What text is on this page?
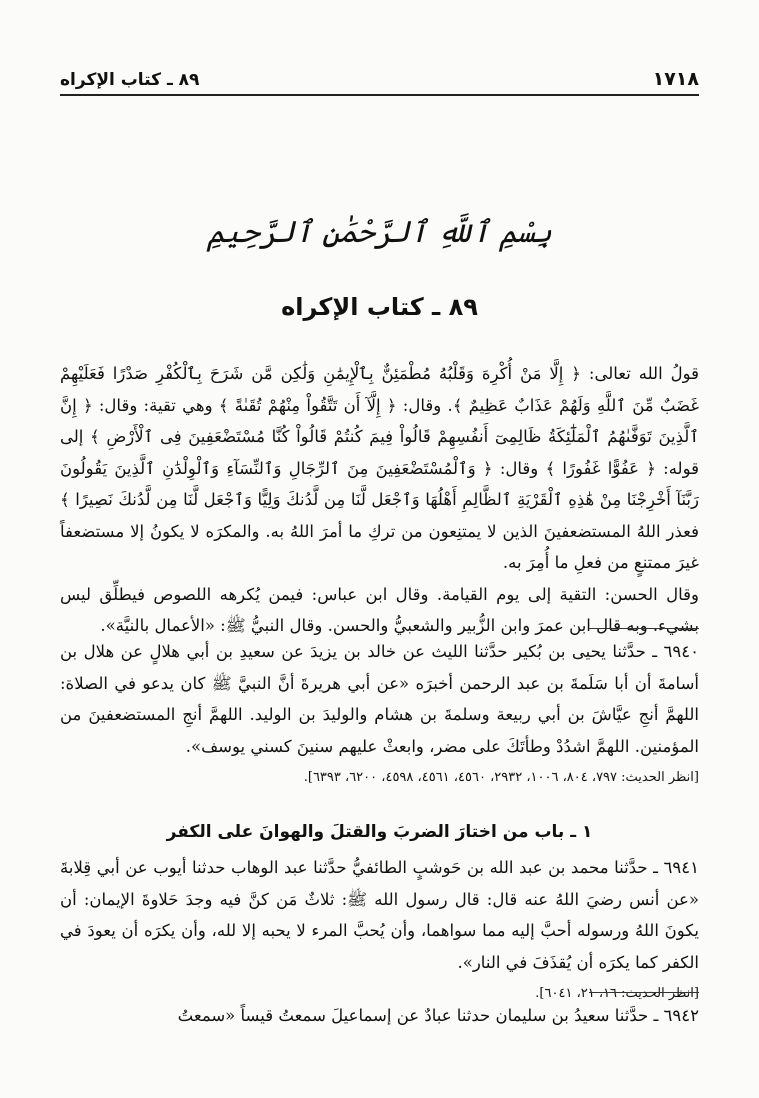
١٧١٨
٨٩ ـ كتاب الإكراه
بِسْمِ ٱللَّهِ ٱلرَّحْمَٰنِ ٱلرَّحِيمِ
٨٩ ـ كتاب الإكراه

قولُ الله تعالى: ﴿ إِلَّا مَنْ أُكْرِهَ وَقَلْبُهُ مُطْمَئِنٌّ بِٱلْإِيمَٰنِ وَلَٰكِن مَّن شَرَحَ بِٱلْكُفْرِ صَدْرًا فَعَلَيْهِمْ غَضَبٌ مِّنَ ٱللَّهِ وَلَهُمْ عَذَابٌ عَظِيمٌ ﴾. وقال: ﴿ إِلَّآ أَن تَتَّقُواْ مِنْهُمْ تُقَىٰةً ﴾ وهي تقية: وقال: ﴿ إِنَّ ٱلَّذِينَ تَوَفَّىٰهُمُ ٱلْمَلَٰٓئِكَةُ ظَالِمِىٓ أَنفُسِهِمْ قَالُواْ فِيمَ كُنتُمْ قَالُواْ كُنَّا مُسْتَضْعَفِينَ فِى ٱلْأَرْضِ ﴾ إلى قوله: ﴿ عَفُوًّا غَفُورًا ﴾ وقال: ﴿ وَٱلْمُسْتَضْعَفِينَ مِنَ ٱلرِّجَالِ وَٱلنِّسَآءِ وَٱلْوِلْدَٰنِ ٱلَّذِينَ يَقُولُونَ رَبَّنَآ أَخْرِجْنَا مِنْ هَٰذِهِ ٱلْقَرْيَةِ ٱلظَّالِمِ أَهْلُهَا وَٱجْعَل لَّنَا مِن لَّدُنكَ وَلِيًّا وَٱجْعَل لَّنَا مِن لَّدُنكَ نَصِيرًا ﴾ فعذر اللهُ المستضعفينَ الذين لا يمتنِعون من تركِ ما أمرَ اللهُ به. والمكرَه لا يكونُ إلا مستضعفاً غيرَ ممتنعٍ من فعلِ ما أُمِرَ به.

وقال الحسن: التقية إلى يوم القيامة. وقال ابن عباس: فيمن يُكرهه اللصوص فيطلِّق ليس بشيء. وبه قال ابن عمرَ وابن الزُّبير والشعبيُّ والحسن. وقال النبيُّ ﷺ: «الأعمال بالنيَّة».

٦٩٤٠ ـ حدَّثنا يحيى بن بُكير حدَّثنا الليث عن خالد بن يزيدَ عن سعيدِ بن أبي هلالٍ عن هلال بن أسامةَ أن أبا سَلَمةَ بن عبد الرحمن أخبرَه «عن أبي هريرةَ أنَّ النبيَّ ﷺ كان يدعو في الصلاة: اللهمَّ أنجِ عيَّاشَ بن أبي ربيعة وسلمةَ بن هشام والوليدَ بن الوليد. اللهمَّ أنجِ المستضعفينَ من المؤمنين. اللهمَّ اشدُدْ وطأتَكَ على مضر، وابعثْ عليهم سنينَ كسني يوسف».

[انظر الحديث: ٧٩٧، ٨٠٤، ١٠٠٦، ٢٩٣٢، ٤٥٦٠، ٤٥٦١، ٤٥٩٨، ٦٢٠٠، ٦٣٩٣].

١ ـ باب من اختارَ الضربَ والقتلَ والهوانَ على الكفر

٦٩٤١ ـ حدَّثنا محمد بن عبد الله بن حَوشبٍ الطائفيُّ حدَّثنا عبد الوهاب حدثنا أيوب عن أبي قِلابةَ «عن أنس رضيَ اللهُ عنه قال: قال رسول الله ﷺ: ثلاثٌ مَن كنَّ فيه وجدَ حَلاوةَ الإيمان: أن يكونَ اللهُ ورسوله أحبَّ إليه مما سواهما، وأن يُحبَّ المرء لا يحبه إلا لله، وأن يكرَه أن يعودَ في الكفر كما يكرَه أن يُقذَفَ في النار».

[انظر الحديث: ١٦، ٢١، ٦٠٤١].

٦٩٤٢ ـ حدَّثنا سعيدُ بن سليمان حدثنا عبادٌ عن إسماعيلَ سمعتُ قيساً «سمعتُ
